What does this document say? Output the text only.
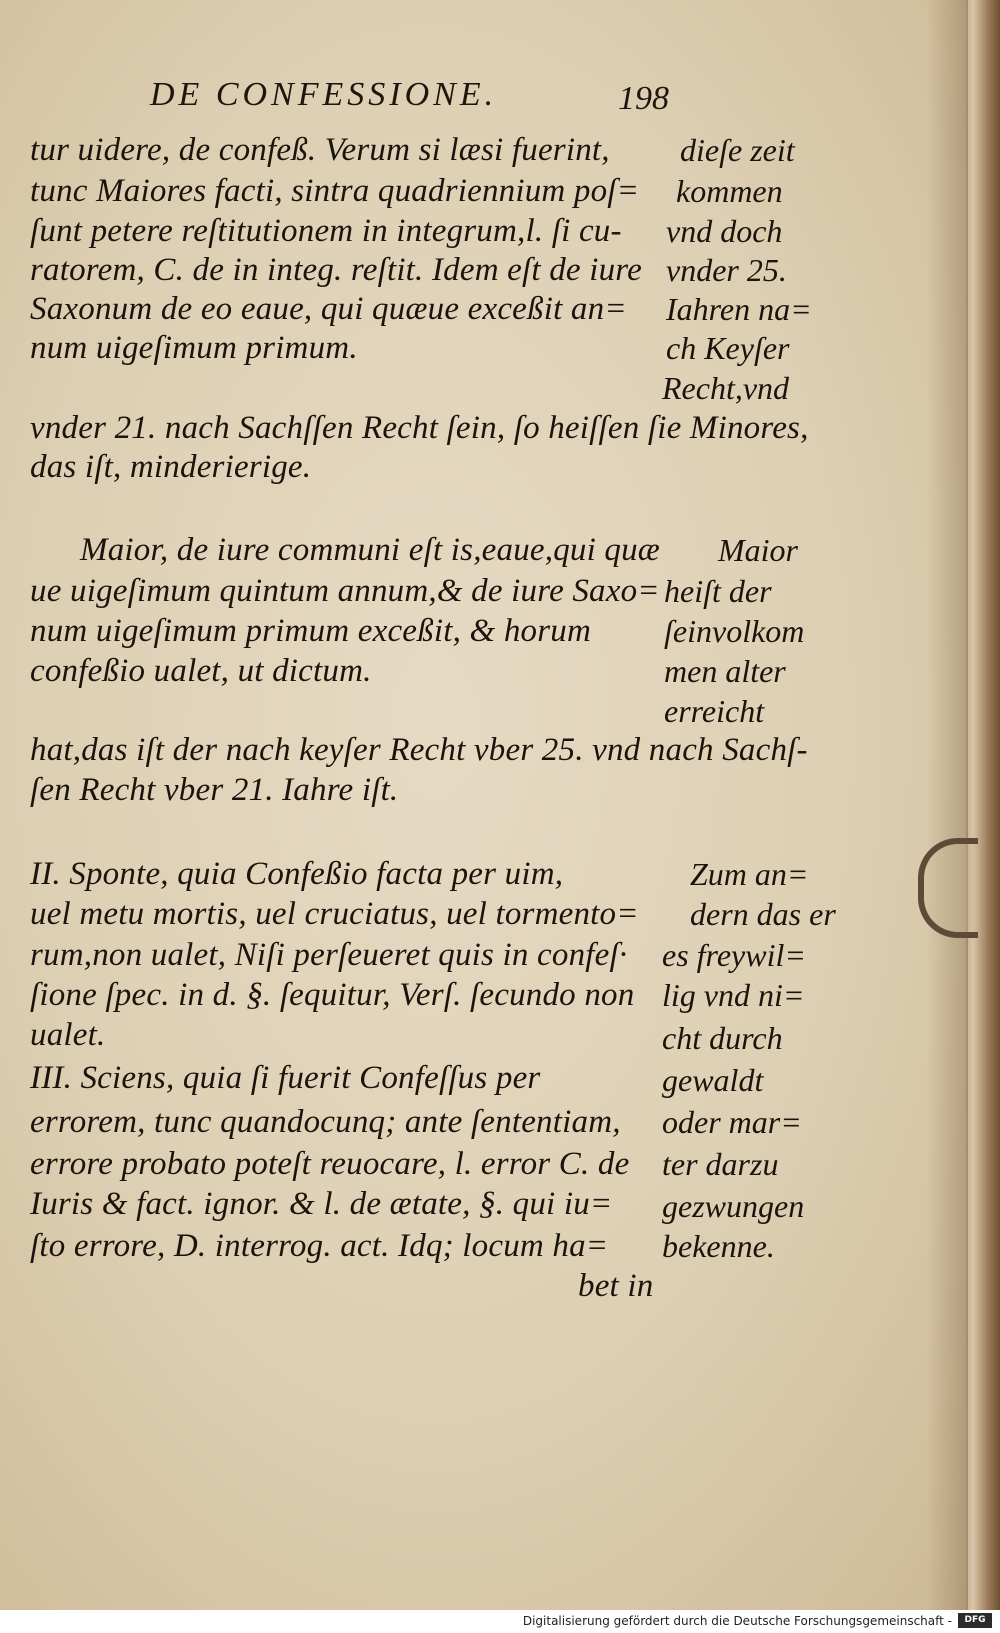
DE CONFESSIONE.	198
tur uidere, de confeß. Verum si læsi fuerint,
tunc Maiores facti, sintra quadriennium poſ=
ſunt petere reſtitutionem in integrum,l. ſi cu-
ratorem, C. de in integ. reſtit. Idem eſt de iure
Saxonum de eo eaue, qui quæue exceßit an=
num uigeſimum primum.
vnder 21. nach Sachſſen Recht ſein, ſo heiſſen ſie Minores,
das iſt, minderierige.
Maior, de iure communi eſt is,eaue,qui quæ
ue uigeſimum quintum annum,& de iure Saxo=
num uigeſimum primum exceßit, & horum
confeßio ualet, ut dictum.
hat,das iſt der nach keyſer Recht vber 25. vnd nach Sachſ-
ſen Recht vber 21. Iahre iſt.
II. Sponte, quia Confeßio facta per uim,
uel metu mortis, uel cruciatus, uel tormento=
rum,non ualet, Niſi perſeueret quis in confeſ·
ſione ſpec. in d. §. ſequitur, Verſ. ſecundo non
ualet.
III. Sciens, quia ſi fuerit Confeſſus per
errorem, tunc quandocunq; ante ſententiam,
errore probato poteſt reuocare, l. error C. de
Iuris & fact. ignor. & l. de ætate, §. qui iu=
ſto errore, D. interrog. act. Idq; locum ha=
bet in
dieſe zeit
kommen
vnd doch
vnder 25.
Iahren na=
ch Keyſer
Recht,vnd
Maior
heiſt der
ſeinvolkom
men alter
erreicht
Zum an=
dern das er
es freywil=
lig vnd ni=
cht durch
gewaldt
oder mar=
ter darzu
gezwungen
bekenne.
Digitalisierung gefördert durch die Deutsche Forschungsgemeinschaft -	DFG
